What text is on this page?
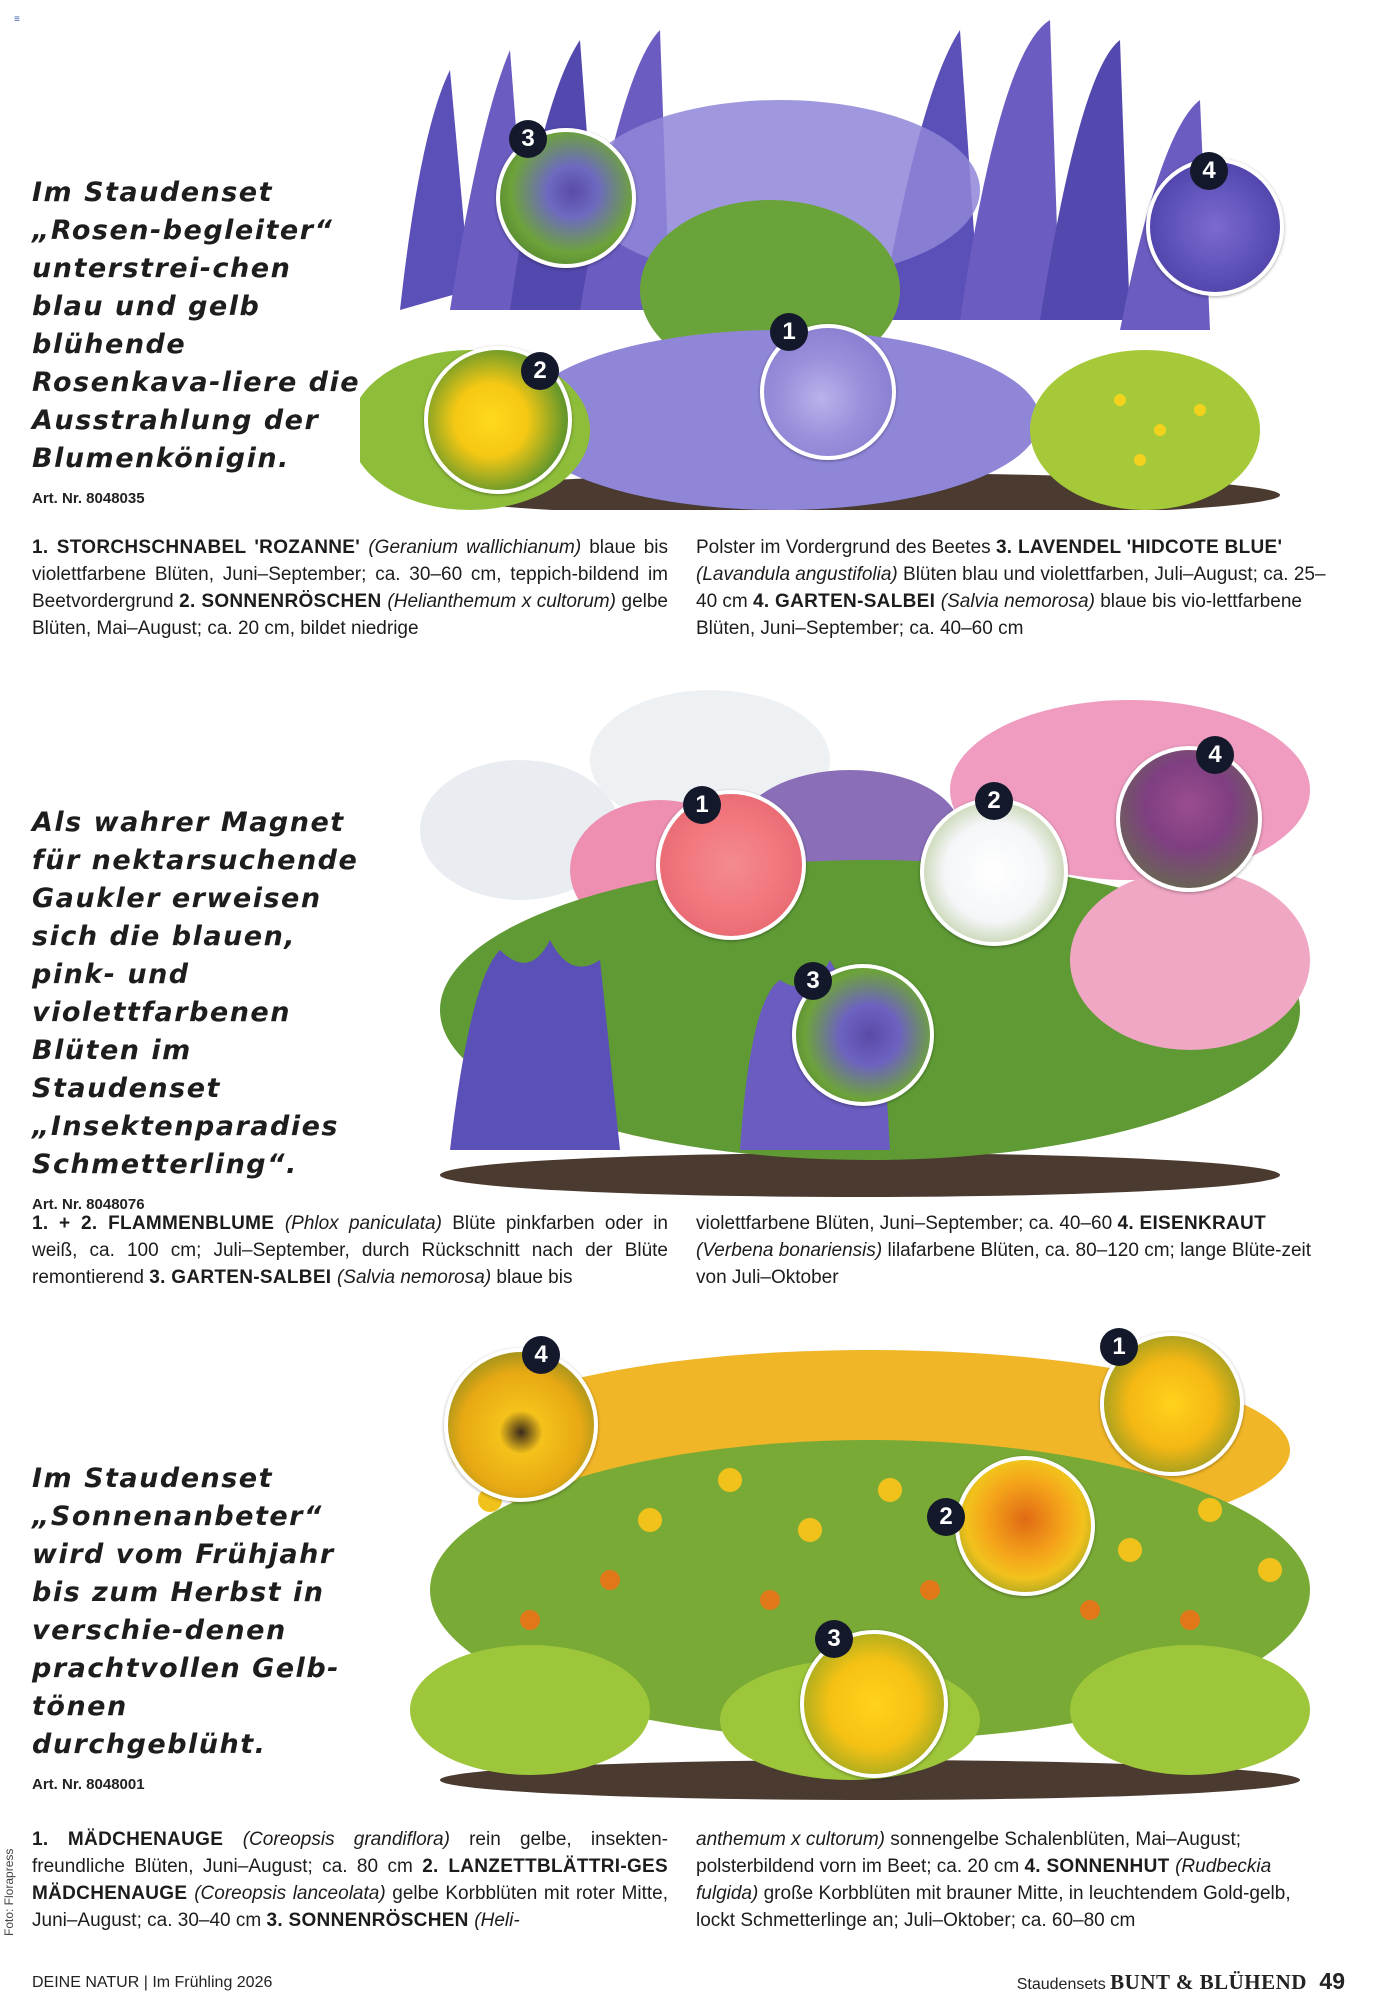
≡

Im Staudenset „Rosen-begleiter“ unterstrei-chen blau und gelb blühende Rosenkava-liere die Ausstrahlung der Blumenkönigin.

Art. Nr. 8048035
3
4
1
2
1. STORCHSCHNABEL 'ROZANNE' (Geranium wallichianum) blaue bis violettfarbene Blüten, Juni–September; ca. 30–60 cm, teppich-bildend im Beetvordergrund 2. SONNENRÖSCHEN (Helianthemum x cultorum) gelbe Blüten, Mai–August; ca. 20 cm, bildet niedrige
Polster im Vordergrund des Beetes 3. LAVENDEL 'HIDCOTE BLUE' (Lavandula angustifolia) Blüten blau und violettfarben, Juli–August; ca. 25–40 cm 4. GARTEN-SALBEI (Salvia nemorosa) blaue bis vio-lettfarbene Blüten, Juni–September; ca. 40–60 cm

Als wahrer Magnet für nektarsuchende Gaukler erweisen sich die blauen, pink- und violettfarbenen Blüten im Staudenset „Insektenparadies Schmetterling“.

Art. Nr. 8048076
1	2
4
3
1. + 2. FLAMMENBLUME (Phlox paniculata) Blüte pinkfarben oder in weiß, ca. 100 cm; Juli–September, durch Rückschnitt nach der Blüte remontierend 3. GARTEN-SALBEI (Salvia nemorosa) blaue bis
violettfarbene Blüten, Juni–September; ca. 40–60 4. EISENKRAUT (Verbena bonariensis) lilafarbene Blüten, ca. 80–120 cm; lange Blüte-zeit von Juli–Oktober

Im Staudenset „Sonnenanbeter“ wird vom Frühjahr bis zum Herbst in verschie-denen prachtvollen Gelb-tönen durchgeblüht.

Art. Nr. 8048001
4	1
2
3
1. MÄDCHENAUGE (Coreopsis grandiflora) rein gelbe, insekten-freundliche Blüten, Juni–August; ca. 80 cm 2. LANZETTBLÄTTRI-GES MÄDCHENAUGE (Coreopsis lanceolata) gelbe Korbblüten mit roter Mitte, Juni–August; ca. 30–40 cm 3. SONNENRÖSCHEN (Heli-
anthemum x cultorum) sonnengelbe Schalenblüten, Mai–August; polsterbildend vorn im Beet; ca. 20 cm 4. SONNENHUT (Rudbeckia fulgida) große Korbblüten mit brauner Mitte, in leuchtendem Gold-gelb, lockt Schmetterlinge an; Juli–Oktober; ca. 60–80 cm
Foto: Florapress
DEINE NATUR | Im Frühling 2026	Staudensets BUNT & BLÜHEND 49
